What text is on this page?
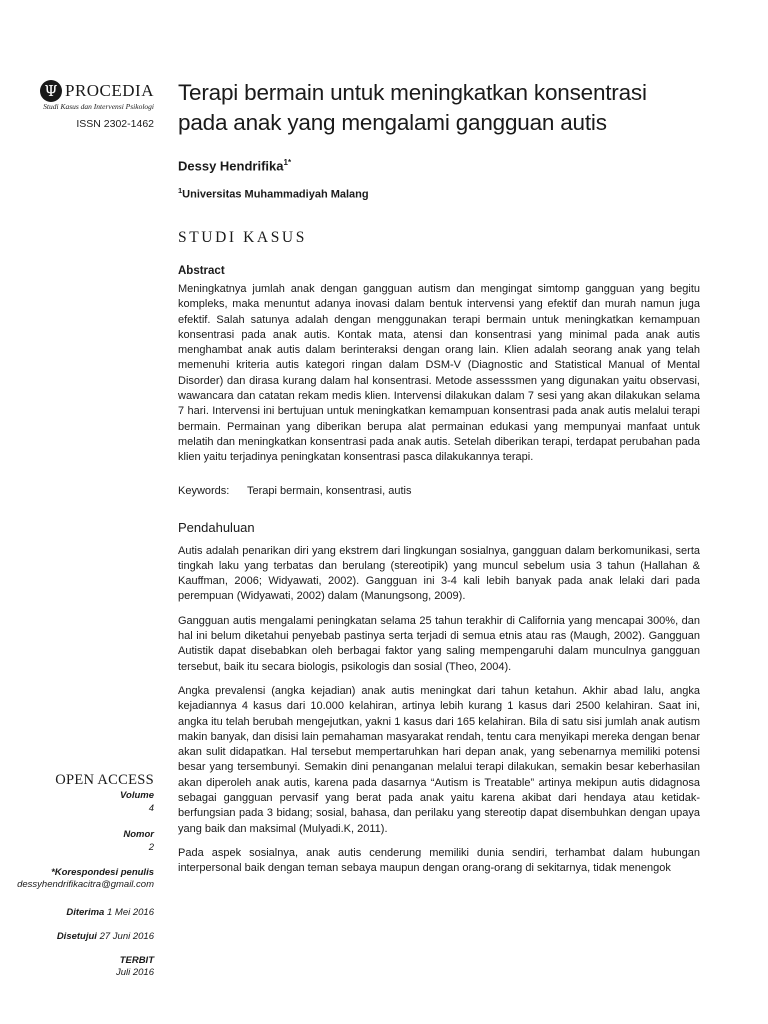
Ψ PROCEDIA
Studi Kasus dan Intervensi Psikologi
ISSN 2302-1462
OPEN ACCESS
Volume
4
Nomor
2
*Korespondesi penulis
dessyhendrifikacitra@gmail.com
Diterima 1 Mei 2016
Disetujui 27 Juni 2016
TERBIT
Juli 2016
Terapi bermain untuk meningkatkan konsentrasi pada anak yang mengalami gangguan autis
Dessy Hendrifika$^{1*}$
$^1$Universitas Muhammadiyah Malang
STUDI KASUS
Abstract

Meningkatnya jumlah anak dengan gangguan autism dan mengingat simtomp gangguan yang begitu kompleks, maka menuntut adanya inovasi dalam bentuk intervensi yang efektif dan murah namun juga efektif. Salah satunya adalah dengan menggunakan terapi bermain untuk meningkatkan kemampuan konsentrasi pada anak autis. Kontak mata, atensi dan konsentrasi yang minimal pada anak autis menghambat anak autis dalam berinteraksi dengan orang lain. Klien adalah seorang anak yang telah memenuhi kriteria autis kategori ringan dalam DSM-V (Diagnostic and Statistical Manual of Mental Disorder) dan dirasa kurang dalam hal konsentrasi. Metode assesssmen yang digunakan yaitu observasi, wawancara dan catatan rekam medis klien. Intervensi dilakukan dalam 7 sesi yang akan dilakukan selama 7 hari. Intervensi ini bertujuan untuk meningkatkan kemampuan konsentrasi pada anak autis melalui terapi bermain. Permainan yang diberikan berupa alat permainan edukasi yang mempunyai manfaat untuk melatih dan meningkatkan konsentrasi pada anak autis. Setelah diberikan terapi, terdapat perubahan pada klien yaitu terjadinya peningkatan konsentrasi pasca dilakukannya terapi.

Keywords: Terapi bermain, konsentrasi, autis
Pendahuluan

Autis adalah penarikan diri yang ekstrem dari lingkungan sosialnya, gangguan dalam berkomunikasi, serta tingkah laku yang terbatas dan berulang (stereotipik) yang muncul sebelum usia 3 tahun (Hallahan & Kauffman, 2006; Widyawati, 2002). Gangguan ini 3-4 kali lebih banyak pada anak lelaki dari pada perempuan (Widyawati, 2002) dalam (Manungsong, 2009).

Gangguan autis mengalami peningkatan selama 25 tahun terakhir di California yang mencapai 300%, dan hal ini belum diketahui penyebab pastinya serta terjadi di semua etnis atau ras (Maugh, 2002). Gangguan Autistik dapat disebabkan oleh berbagai faktor yang saling mempengaruhi dalam munculnya gangguan tersebut, baik itu secara biologis, psikologis dan sosial (Theo, 2004).

Angka prevalensi (angka kejadian) anak autis meningkat dari tahun ketahun. Akhir abad lalu, angka kejadiannya 4 kasus dari 10.000 kelahiran, artinya lebih kurang 1 kasus dari 2500 kelahiran. Saat ini, angka itu telah berubah mengejutkan, yakni 1 kasus dari 165 kelahiran. Bila di satu sisi jumlah anak autism makin banyak, dan disisi lain pemahaman masyarakat rendah, tentu cara menyikapi mereka dengan benar akan sulit didapatkan. Hal tersebut mempertaruhkan hari depan anak, yang sebenarnya memiliki potensi besar yang tersembunyi. Semakin dini penanganan melalui terapi dilakukan, semakin besar keberhasilan akan diperoleh anak autis, karena pada dasarnya “Autism is Treatable” artinya mekipun autis didagnosa sebagai gangguan pervasif yang berat pada anak yaitu karena akibat dari hendaya atau ketidak-berfungsian pada 3 bidang; sosial, bahasa, dan perilaku yang stereotip dapat disembuhkan dengan upaya yang baik dan maksimal (Mulyadi.K, 2011).

Pada aspek sosialnya, anak autis cenderung memiliki dunia sendiri, terhambat dalam hubungan interpersonal baik dengan teman sebaya maupun dengan orang-orang di sekitarnya, tidak menengok
